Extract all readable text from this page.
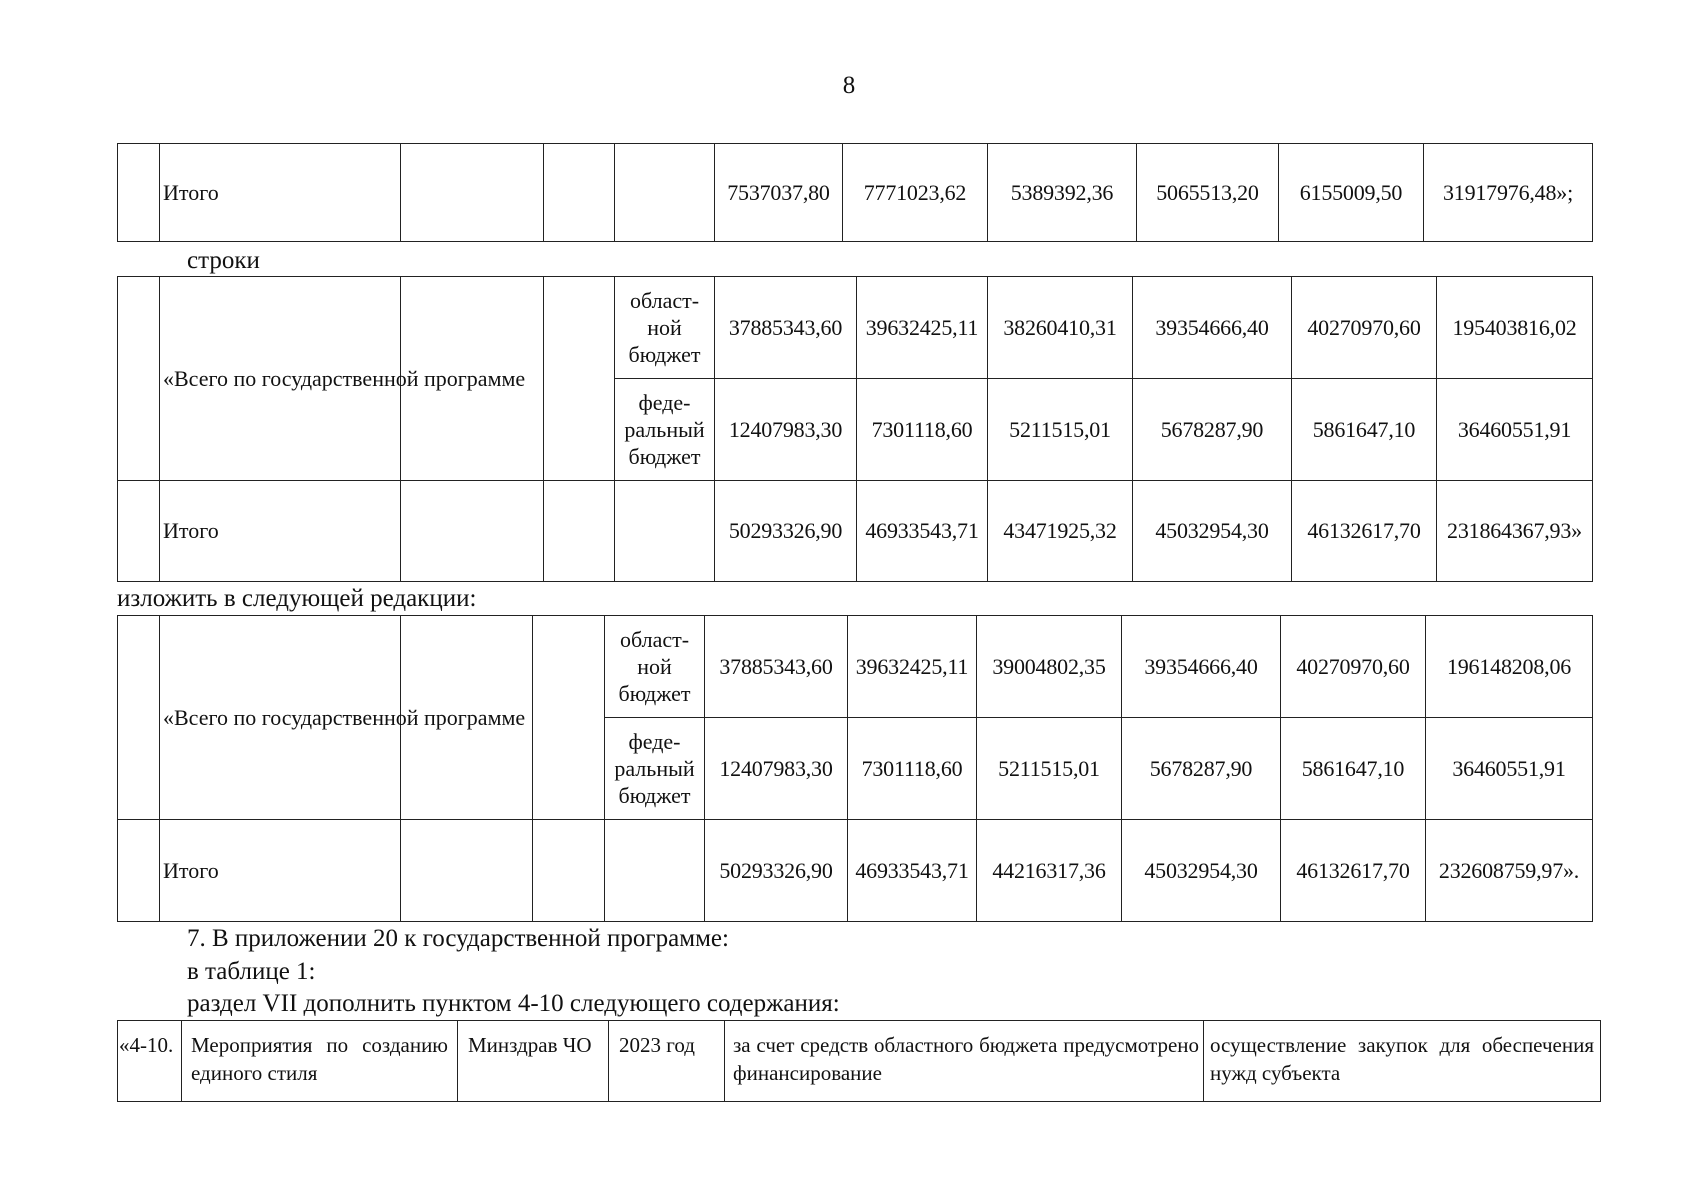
8
	Итого				7537037,80	7771023,62	5389392,36	5065513,20	6155009,50	31917976,48»;
строки
	«Всего по государственной программе			област-
ной
бюджет	37885343,60	39632425,11	38260410,31	39354666,40	40270970,60	195403816,02
				феде-
ральный
бюджет	12407983,30	7301118,60	5211515,01	5678287,90	5861647,10	36460551,91
	Итого				50293326,90	46933543,71	43471925,32	45032954,30	46132617,70	231864367,93»
изложить в следующей редакции:
	«Всего по государственной программе			област-
ной
бюджет	37885343,60	39632425,11	39004802,35	39354666,40	40270970,60	196148208,06
				феде-
ральный
бюджет	12407983,30	7301118,60	5211515,01	5678287,90	5861647,10	36460551,91
	Итого				50293326,90	46933543,71	44216317,36	45032954,30	46132617,70	232608759,97».
7. В приложении 20 к государственной программе:
в таблице 1:
раздел VII дополнить пунктом 4-10 следующего содержания:
«4-10.	Мероприятия по созданию единого стиля	Минздрав ЧО	2023 год	за счет средств областного бюджета предусмотрено финансирование	осуществление закупок для обеспечения нужд субъекта
